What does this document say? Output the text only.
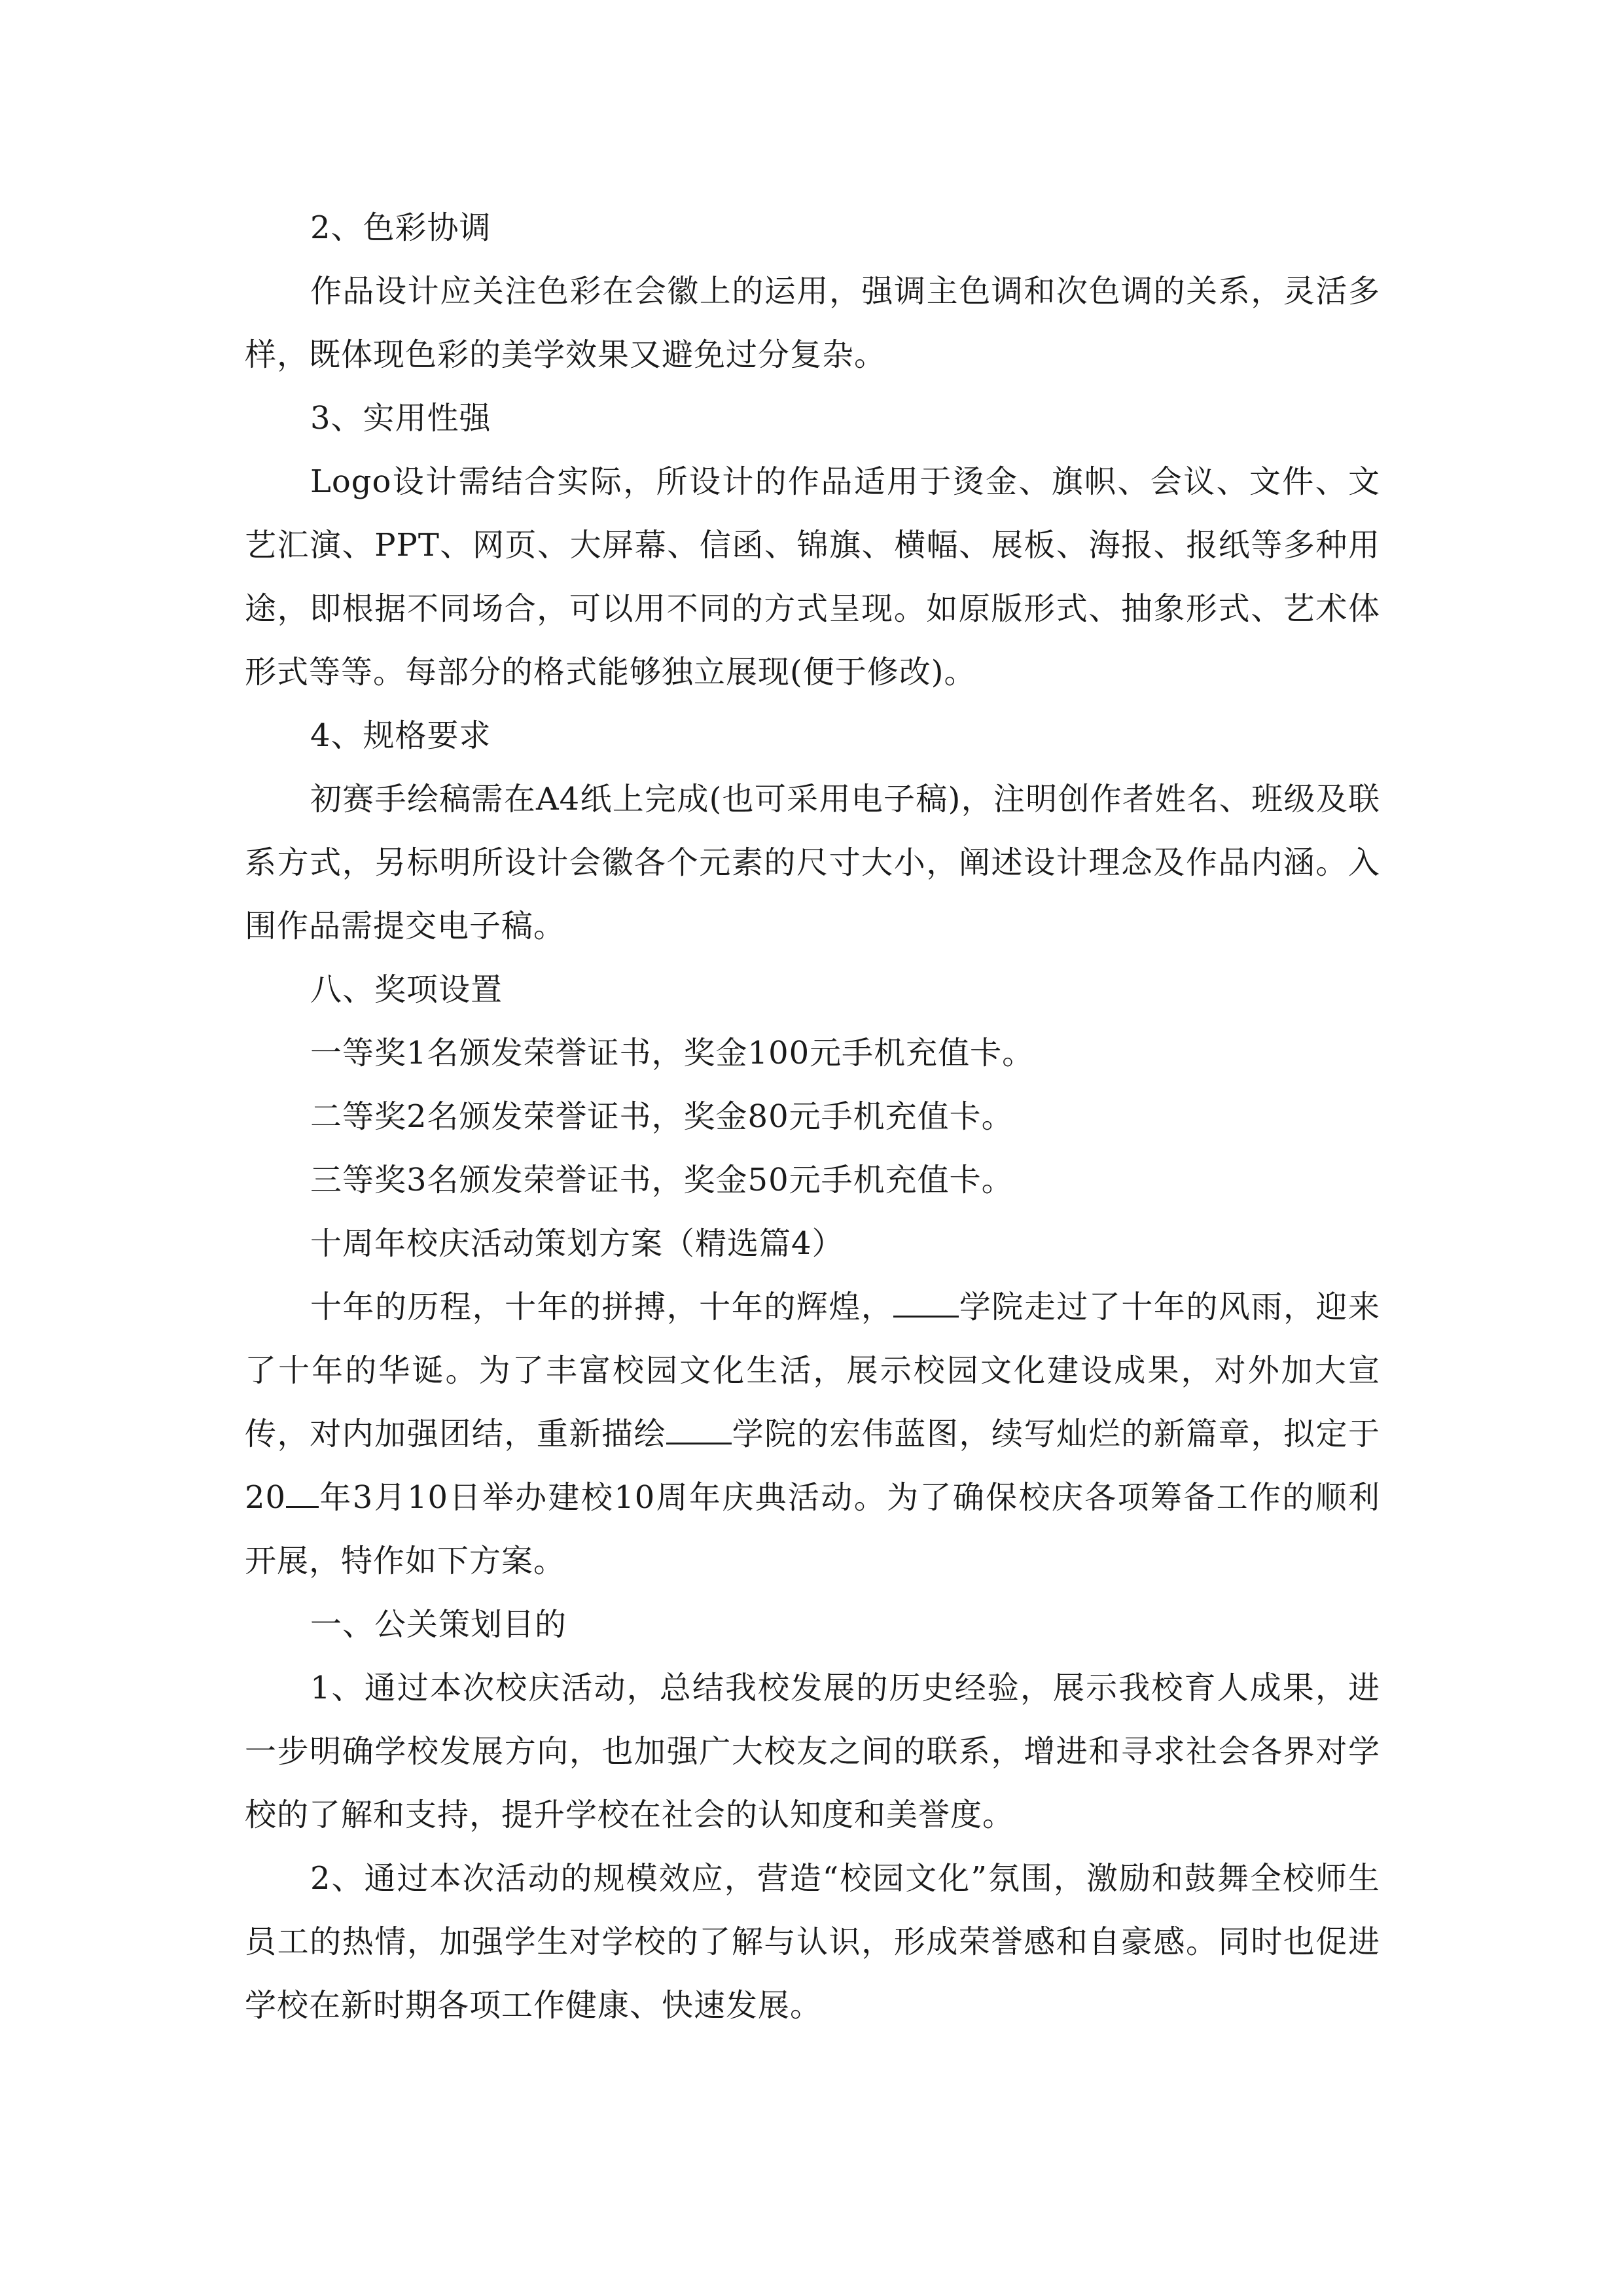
2、色彩协调

作品设计应关注色彩在会徽上的运用，强调主色调和次色调的关系，灵活多样，既体现色彩的美学效果又避免过分复杂。

3、实用性强

Logo设计需结合实际，所设计的作品适用于烫金、旗帜、会议、文件、文艺汇演、PPT、网页、大屏幕、信函、锦旗、横幅、展板、海报、报纸等多种用途，即根据不同场合，可以用不同的方式呈现。如原版形式、抽象形式、艺术体形式等等。每部分的格式能够独立展现(便于修改)。

4、规格要求

初赛手绘稿需在A4纸上完成(也可采用电子稿)，注明创作者姓名、班级及联系方式，另标明所设计会徽各个元素的尺寸大小，阐述设计理念及作品内涵。入围作品需提交电子稿。

八、奖项设置

一等奖1名颁发荣誉证书，奖金100元手机充值卡。

二等奖2名颁发荣誉证书，奖金80元手机充值卡。

三等奖3名颁发荣誉证书，奖金50元手机充值卡。

十周年校庆活动策划方案（精选篇4）

十年的历程，十年的拼搏，十年的辉煌， 学院走过了十年的风雨，迎来了十年的华诞。为了丰富校园文化生活，展示校园文化建设成果，对外加大宣传，对内加强团结，重新描绘 学院的宏伟蓝图，续写灿烂的新篇章，拟定于20 年3月10日举办建校10周年庆典活动。为了确保校庆各项筹备工作的顺利开展，特作如下方案。

一、公关策划目的

1、通过本次校庆活动，总结我校发展的历史经验，展示我校育人成果，进一步明确学校发展方向，也加强广大校友之间的联系，增进和寻求社会各界对学校的了解和支持，提升学校在社会的认知度和美誉度。

2、通过本次活动的规模效应，营造“校园文化”氛围，激励和鼓舞全校师生员工的热情，加强学生对学校的了解与认识，形成荣誉感和自豪感。同时也促进学校在新时期各项工作健康、快速发展。
